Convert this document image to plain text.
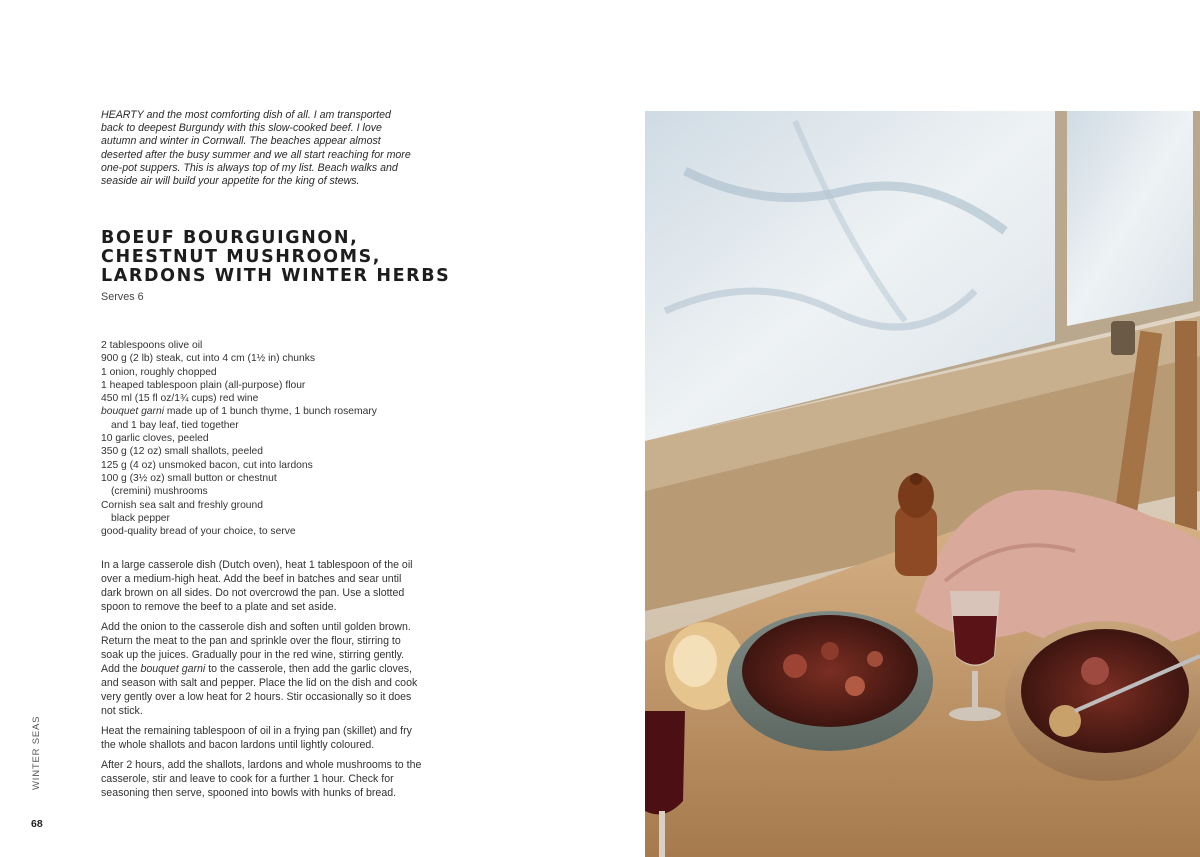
HEARTY and the most comforting dish of all. I am transported back to deepest Burgundy with this slow-cooked beef. I love autumn and winter in Cornwall. The beaches appear almost deserted after the busy summer and we all start reaching for more one-pot suppers. This is always top of my list. Beach walks and seaside air will build your appetite for the king of stews.

BOEUF BOURGUIGNON,
CHESTNUT MUSHROOMS,
LARDONS WITH WINTER HERBS
Serves 6
2 tablespoons olive oil
900 g (2 lb) steak, cut into 4 cm (1½ in) chunks
1 onion, roughly chopped
1 heaped tablespoon plain (all-purpose) flour
450 ml (15 fl oz/1¾ cups) red wine
bouquet garni made up of 1 bunch thyme, 1 bunch rosemary
and 1 bay leaf, tied together
10 garlic cloves, peeled
350 g (12 oz) small shallots, peeled
125 g (4 oz) unsmoked bacon, cut into lardons
100 g (3½ oz) small button or chestnut
(cremini) mushrooms
Cornish sea salt and freshly ground
black pepper
good-quality bread of your choice, to serve

In a large casserole dish (Dutch oven), heat 1 tablespoon of the oil over a medium-high heat. Add the beef in batches and sear until dark brown on all sides. Do not overcrowd the pan. Use a slotted spoon to remove the beef to a plate and set aside.

Add the onion to the casserole dish and soften until golden brown. Return the meat to the pan and sprinkle over the flour, stirring to soak up the juices. Gradually pour in the red wine, stirring gently. Add the bouquet garni to the casserole, then add the garlic cloves, and season with salt and pepper. Place the lid on the dish and cook very gently over a low heat for 2 hours. Stir occasionally so it does not stick.

Heat the remaining tablespoon of oil in a frying pan (skillet) and fry the whole shallots and bacon lardons until lightly coloured.

After 2 hours, add the shallots, lardons and whole mushrooms to the casserole, stir and leave to cook for a further 1 hour. Check for seasoning then serve, spooned into bowls with hunks of bread.

WINTER SEAS
68
